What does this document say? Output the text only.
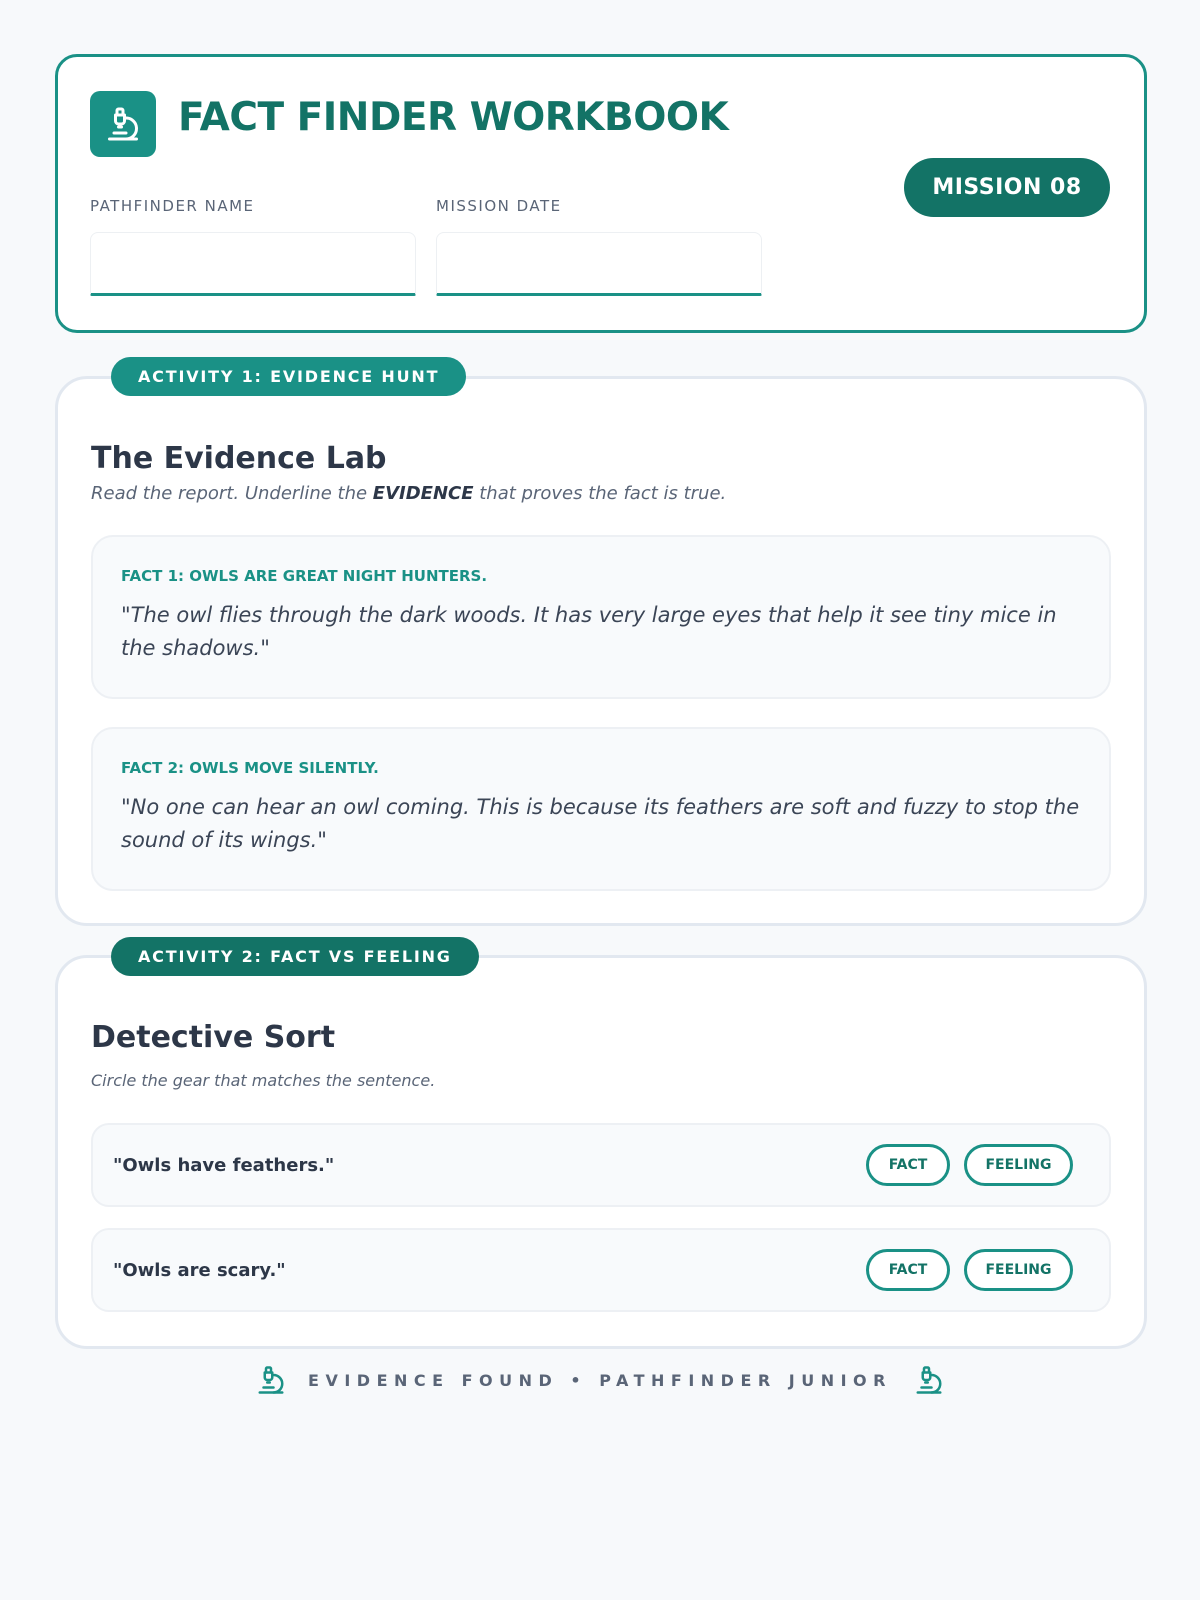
FACT FINDER WORKBOOK
PATHFINDER NAME	MISSION DATE
MISSION 08
The Evidence Lab
Read the report. Underline the EVIDENCE that proves the fact is true.
FACT 1: OWLS ARE GREAT NIGHT HUNTERS.
"The owl flies through the dark woods. It has very large eyes that help it see tiny mice in the shadows."
FACT 2: OWLS MOVE SILENTLY.
"No one can hear an owl coming. This is because its feathers are soft and fuzzy to stop the sound of its wings."
ACTIVITY 1: EVIDENCE HUNT
Detective Sort
Circle the gear that matches the sentence.
"Owls have feathers."	FACT	FEELING
"Owls are scary."	FACT	FEELING
ACTIVITY 2: FACT VS FEELING
EVIDENCE FOUND • PATHFINDER JUNIOR
